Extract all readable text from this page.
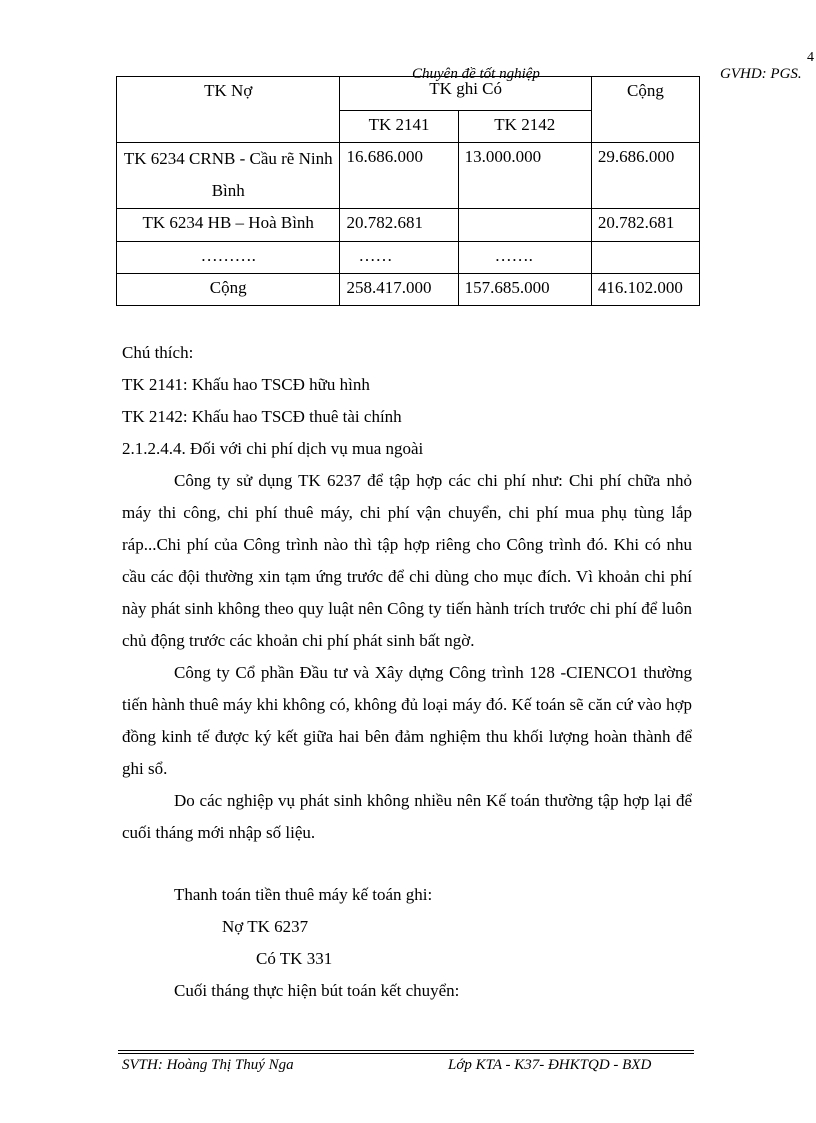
4
Chuyên đề tốt nghiệp	GVHD: PGS.
TK Nợ	TK ghi Có		Cộng
	TK 2141	TK 2142	
TK 6234 CRNB - Cầu rẽ Ninh Bình	16.686.000	13.000.000	29.686.000
TK 6234 HB – Hoà Bình	20.782.681		20.782.681
……….	……	…….	
Cộng	258.417.000	157.685.000	416.102.000

Chú thích:

TK 2141: Khấu hao TSCĐ hữu hình

TK 2142: Khấu hao TSCĐ thuê tài chính

2.1.2.4.4. Đối với chi phí dịch vụ mua ngoài

Công ty sử dụng TK 6237 để tập hợp các chi phí như: Chi phí chữa nhỏ máy thi công, chi phí thuê máy, chi phí vận chuyển, chi phí mua phụ tùng lắp ráp...Chi phí của Công trình nào thì tập hợp riêng cho Công trình đó. Khi có nhu cầu các đội thường xin tạm ứng trước để chi dùng cho mục đích. Vì khoản chi phí này phát sinh không theo quy luật nên Công ty tiến hành trích trước chi phí để luôn chủ động trước các khoản chi phí phát sinh bất ngờ.

Công ty Cổ phần Đầu tư và Xây dựng Công trình 128 -CIENCO1 thường tiến hành thuê máy khi không có, không đủ loại máy đó. Kế toán sẽ căn cứ vào hợp đồng kinh tế được ký kết giữa hai bên đảm nghiệm thu khối lượng hoàn thành để ghi sổ.

Do các nghiệp vụ phát sinh không nhiều nên Kế toán thường tập hợp lại để cuối tháng mới nhập số liệu.

Thanh toán tiền thuê máy kế toán ghi:

Nợ TK 6237

Có TK 331

Cuối tháng thực hiện bút toán kết chuyển:

SVTH: Hoàng Thị Thuý Nga	Lớp KTA - K37- ĐHKTQD - BXD
